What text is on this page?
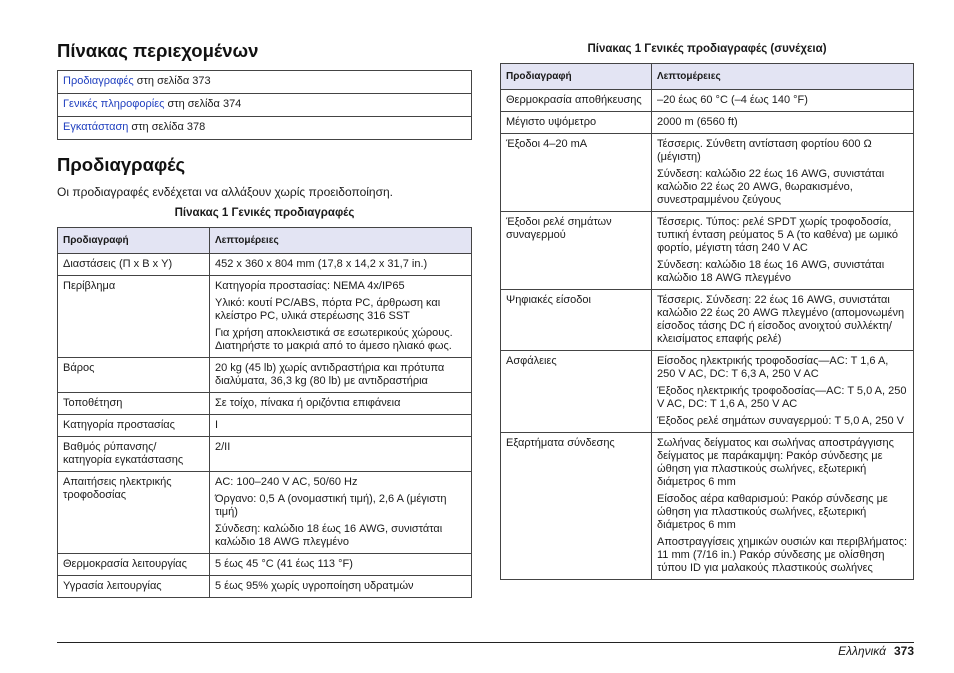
Πίνακας περιεχομένων
Προδιαγραφές στη σελίδα 373
Γενικές πληροφορίες στη σελίδα 374
Εγκατάσταση στη σελίδα 378
Προδιαγραφές

Οι προδιαγραφές ενδέχεται να αλλάξουν χωρίς προειδοποίηση.

Πίνακας 1 Γενικές προδιαγραφές

Προδιαγραφή	Λεπτομέρειες
Διαστάσεις (Π x B x Υ)	452 x 360 x 804 mm (17,8 x 14,2 x 31,7 in.)

Περίβλημα	Κατηγορία προστασίας: NEMA 4x/IP65

Υλικό: κουτί PC/ABS, πόρτα PC, άρθρωση και κλείστρο PC, υλικά στερέωσης 316 SST

Για χρήση αποκλειστικά σε εσωτερικούς χώρους. Διατηρήστε το μακριά από το άμεσο ηλιακό φως.

Βάρος	20 kg (45 lb) χωρίς αντιδραστήρια και πρότυπα διαλύματα, 36,3 kg (80 lb) με αντιδραστήρια

Τοποθέτηση	Σε τοίχο, πίνακα ή οριζόντια επιφάνεια

Κατηγορία προστασίας	I

Βαθμός ρύπανσης/κατηγορία εγκατάστασης	2/II

Απαιτήσεις ηλεκτρικής τροφοδοσίας	AC: 100–240 V AC, 50/60 Hz

Όργανο: 0,5 A (ονομαστική τιμή), 2,6 A (μέγιστη τιμή)

Σύνδεση: καλώδιο 18 έως 16 AWG, συνιστάται καλώδιο 18 AWG πλεγμένο

Θερμοκρασία λειτουργίας	5 έως 45 °C (41 έως 113 °F)

Υγρασία λειτουργίας	5 έως 95% χωρίς υγροποίηση υδρατμών

Πίνακας 1 Γενικές προδιαγραφές (συνέχεια)

Προδιαγραφή	Λεπτομέρειες
Θερμοκρασία αποθήκευσης	–20 έως 60 °C (–4 έως 140 °F)

Μέγιστο υψόμετρο	2000 m (6560 ft)

Έξοδοι 4–20 mA	Τέσσερις. Σύνθετη αντίσταση φορτίου 600 Ω (μέγιστη)

Σύνδεση: καλώδιο 22 έως 16 AWG, συνιστάται καλώδιο 22 έως 20 AWG, θωρακισμένο, συνεστραμμένου ζεύγους

Έξοδοι ρελέ σημάτων συναγερμού	Τέσσερις. Τύπος: ρελέ SPDT χωρίς τροφοδοσία, τυπική ένταση ρεύματος 5 A (το καθένα) με ωμικό φορτίο, μέγιστη τάση 240 V AC

Σύνδεση: καλώδιο 18 έως 16 AWG, συνιστάται καλώδιο 18 AWG πλεγμένο

Ψηφιακές είσοδοι	Τέσσερις. Σύνδεση: 22 έως 16 AWG, συνιστάται καλώδιο 22 έως 20 AWG πλεγμένο (απομονωμένη είσοδος τάσης DC ή είσοδος ανοιχτού συλλέκτη/κλεισίματος επαφής ρελέ)

Ασφάλειες	Είσοδος ηλεκτρικής τροφοδοσίας—AC: T 1,6 A, 250 V AC, DC: T 6,3 A, 250 V AC

Έξοδος ηλεκτρικής τροφοδοσίας—AC: T 5,0 A, 250 V AC, DC: T 1,6 A, 250 V AC

Έξοδος ρελέ σημάτων συναγερμού: T 5,0 A, 250 V

Εξαρτήματα σύνδεσης	Σωλήνας δείγματος και σωλήνας αποστράγγισης δείγματος με παράκαμψη: Ρακόρ σύνδεσης με ώθηση για πλαστικούς σωλήνες, εξωτερική διάμετρος 6 mm

Είσοδος αέρα καθαρισμού: Ρακόρ σύνδεσης με ώθηση για πλαστικούς σωλήνες, εξωτερική διάμετρος 6 mm

Αποστραγγίσεις χημικών ουσιών και περιβλήματος: 11 mm (7/16 in.) Ρακόρ σύνδεσης με ολίσθηση τύπου ID για μαλακούς πλαστικούς σωλήνες

Ελληνικά 373
